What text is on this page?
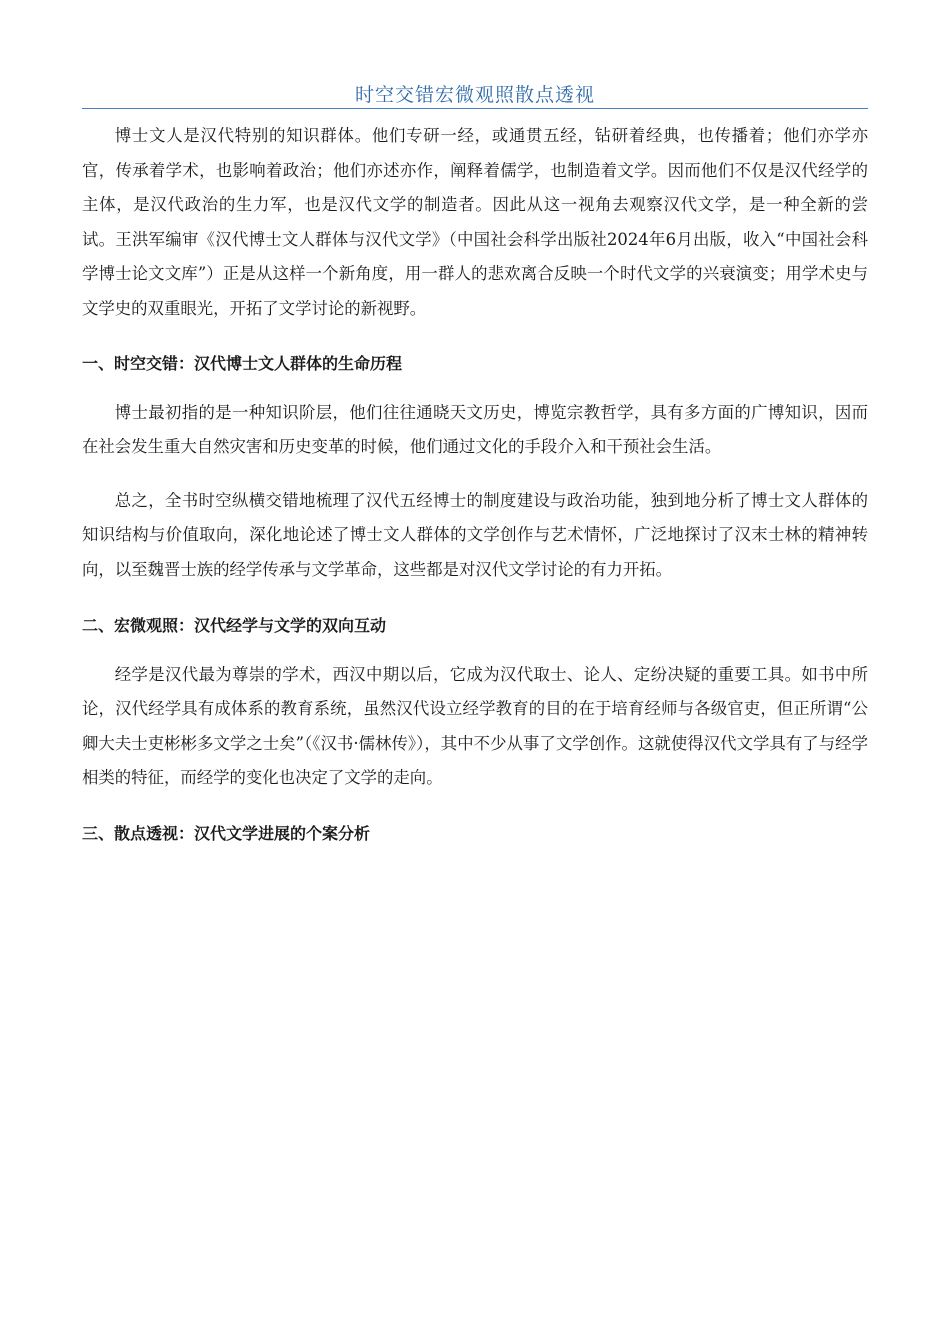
时空交错宏微观照散点透视

博士文人是汉代特别的知识群体。他们专研一经，或通贯五经，钻研着经典，也传播着；他们亦学亦官，传承着学术，也影响着政治；他们亦述亦作，阐释着儒学，也制造着文学。因而他们不仅是汉代经学的主体，是汉代政治的生力军，也是汉代文学的制造者。因此从这一视角去观察汉代文学，是一种全新的尝试。王洪军编审《汉代博士文人群体与汉代文学》（中国社会科学出版社2024年6月出版，收入“中国社会科学博士论文文库”）正是从这样一个新角度，用一群人的悲欢离合反映一个时代文学的兴衰演变；用学术史与文学史的双重眼光，开拓了文学讨论的新视野。

一、时空交错：汉代博士文人群体的生命历程

博士最初指的是一种知识阶层，他们往往通晓天文历史，博览宗教哲学，具有多方面的广博知识，因而在社会发生重大自然灾害和历史变革的时候，他们通过文化的手段介入和干预社会生活。

总之，全书时空纵横交错地梳理了汉代五经博士的制度建设与政治功能，独到地分析了博士文人群体的知识结构与价值取向，深化地论述了博士文人群体的文学创作与艺术情怀，广泛地探讨了汉末士林的精神转向，以至魏晋士族的经学传承与文学革命，这些都是对汉代文学讨论的有力开拓。

二、宏微观照：汉代经学与文学的双向互动

经学是汉代最为尊崇的学术，西汉中期以后，它成为汉代取士、论人、定纷决疑的重要工具。如书中所论，汉代经学具有成体系的教育系统，虽然汉代设立经学教育的目的在于培育经师与各级官吏，但正所谓“公卿大夫士吏彬彬多文学之士矣”（《汉书·儒林传》），其中不少从事了文学创作。这就使得汉代文学具有了与经学相类的特征，而经学的变化也决定了文学的走向。

三、散点透视：汉代文学进展的个案分析
